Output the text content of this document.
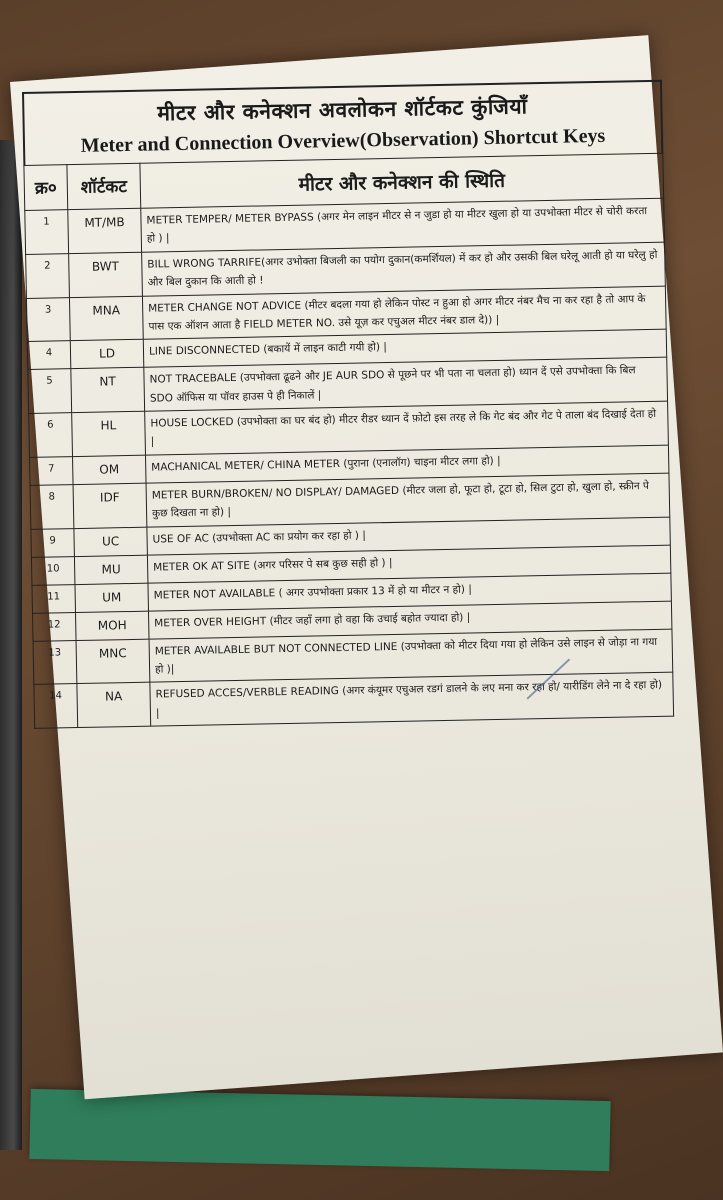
मीटर और कनेक्शन अवलोकन शॉर्टकट कुंजियाँ

Meter and Connection Overview(Observation) Shortcut Keys

क्र०	शॉर्टकट	मीटर और कनेक्शन की स्थिति
1	MT/MB	METER TEMPER/ METER BYPASS (अगर मेन लाइन मीटर से न जुडा हो या मीटर खुला हो या उपभोक्ता मीटर से चोरी करता हो ) |
2	BWT	BILL WRONG TARRIFE(अगर उभोक्ता बिजली का पयोग दुकान(कमर्शियल) में कर हो और उसकी बिल घरेलू आती हो या घरेलु हो और बिल दुकान कि आती हो !
3	MNA	METER CHANGE NOT ADVICE (मीटर बदला गया हो लेकिन पोस्ट न हुआ हो अगर मीटर नंबर मैच ना कर रहा है तो आप के पास एक ऑशन आता है FIELD METER NO. उसे यूज़ कर एचुअल मीटर नंबर डाल दे)) |
4	LD	LINE DISCONNECTED (बकायें में लाइन काटी गयी हो) |
5	NT	NOT TRACEBALE (उपभोक्ता ढूढने और JE AUR SDO से पूछने पर भी पता ना चलता हो) ध्यान दें एसे उपभोक्ता कि बिल SDO ऑफिस या पॉवर हाउस पे ही निकालें |
6	HL	HOUSE LOCKED (उपभोक्ता का घर बंद हो) मीटर रीडर ध्यान दें फ़ोटो इस तरह ले कि गेट बंद और गेट पे ताला बंद दिखाई देता हो |
7	OM	MACHANICAL METER/ CHINA METER (पुराना (एनालॉग) चाइना मीटर लगा हो) |
8	IDF	METER BURN/BROKEN/ NO DISPLAY/ DAMAGED (मीटर जला हो, फूटा हो, टूटा हो, सिल टुटा हो, खुला हो, स्क्रीन पे कुछ दिखता ना हो) |
9	UC	USE OF AC (उपभोक्ता AC का प्रयोग कर रहा हो ) |
10	MU	METER OK AT SITE (अगर परिसर पे सब कुछ सही हो ) |
11	UM	METER NOT AVAILABLE ( अगर उपभोक्ता प्रकार 13 में हो या मीटर न हो) |
12	MOH	METER OVER HEIGHT (मीटर जहाँ लगा हो वहा कि उचाई बहोत ज्यादा हो) |
13	MNC	METER AVAILABLE BUT NOT CONNECTED LINE (उपभोक्ता को मीटर दिया गया हो लेकिन उसे लाइन से जोड़ा ना गया हो )|
14	NA	REFUSED ACCES/VERBLE READING (अगर कंयूमर एचुअल रडगं डालने के लए मना कर रहा हो/ यारीडिंग लेने ना दे रहा हो) |
